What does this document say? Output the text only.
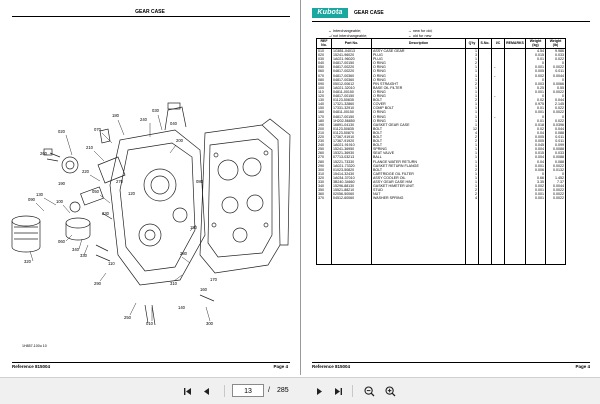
GEAR CASE
180
030
070
020
240
200
210
220
050
130
090	100
060
340
330
320
300
010
250
290
280
310
150
230
260
270
120
160
170
110
140
190	080
040
1H857-100u 10
Reference 815004	Page 4
Kubota	GEAR CASE
↔ Interchangeable;
↛ not interchangeable;
→ new for old;
← old for new
REF No.	Part No.	Description	Q'ty	S.No.	I/C	REMARKS	Weight (kg)	Weight (lb)
010	1G851-04013	ASSY CASE GEAR	1				4.54	9.986
020	15241-96020	PLUG	3				0.015	0.033
030	1A021-96020	PLUG	1				0.01	0.022
040	04817-00150	O RING	2				0	0
050	04817-00220	O RING	1		←		0.001	0.0022
060	04817-00220	O RING	1				0.005	0.011
070	04817-00360	O RING	1		←		0.002	0.0044
080	04817-00360	O RING	1				0	0
090	05012-00612	PIN STRAIGHT	2				0.003	0.0066
100	1A021-32010	BASE OIL FILTER	1				0.25	0.55
110	04811-00150	O RING	1				0.001	0.0022
120	04817-00150	O RING	1		←		0	0
130	01123-50835	BOLT	2				0.02	0.044
140	17321-32860	COVER	1				0.975	2.145
150	17331-32910	COMP BOLT	1				0.01	0.022
160	04811-00150	O RING	1				0.001	0.0022
170	04817-00150	O RING	1		←		0	0
180	1H202-56850	O RING	1				0.01	0.022
190	16891-04130	GASKET GEAR CASE	1				0.018	0.0396
200	01123-50835	BOLT	12				0.02	0.044
210	01123-50870	BOLT	4				0.04	0.088
220	17367-91910	BOLT	2				0.005	0.011
230	17367-91920	BOLT	2				0.005	0.011
240	1A021-91910	BOLT	1				0.045	0.099
250	15241-36950	SPRING	1				0.004	0.0088
260	15321-36930	SEAT VALVE	1				0.015	0.033
270	07713-03213	BALL	1				0.004	0.0088
280	15221-73330	FLANGE WATER RETURN	1				0.04	0.088
290	1A021-73320	GASKET RETURN FLANGE	1				0.001	0.0022
300	01023-50820	BOLT	2				0.006	0.0132
310	15414-32430	CARTRIDGE OIL FILTER	1				0	0
320	1A034-37010	ASSY COOLER OIL	1				0.66	1.452
330	3B240-34660	ASSY GEAR CASE H/M	1				3.35	7.37
340	15296-88130	GASKET H/METER UNIT	1				0.002	0.0044
350	15521-88210	STUD	2				0.001	0.0022
360	02056-50060	NUT	2				0.001	0.0022
370	04512-60060	WASHER SPRING	4				0.001	0.0022

Reference 815004	Page 4
13	/ 285
